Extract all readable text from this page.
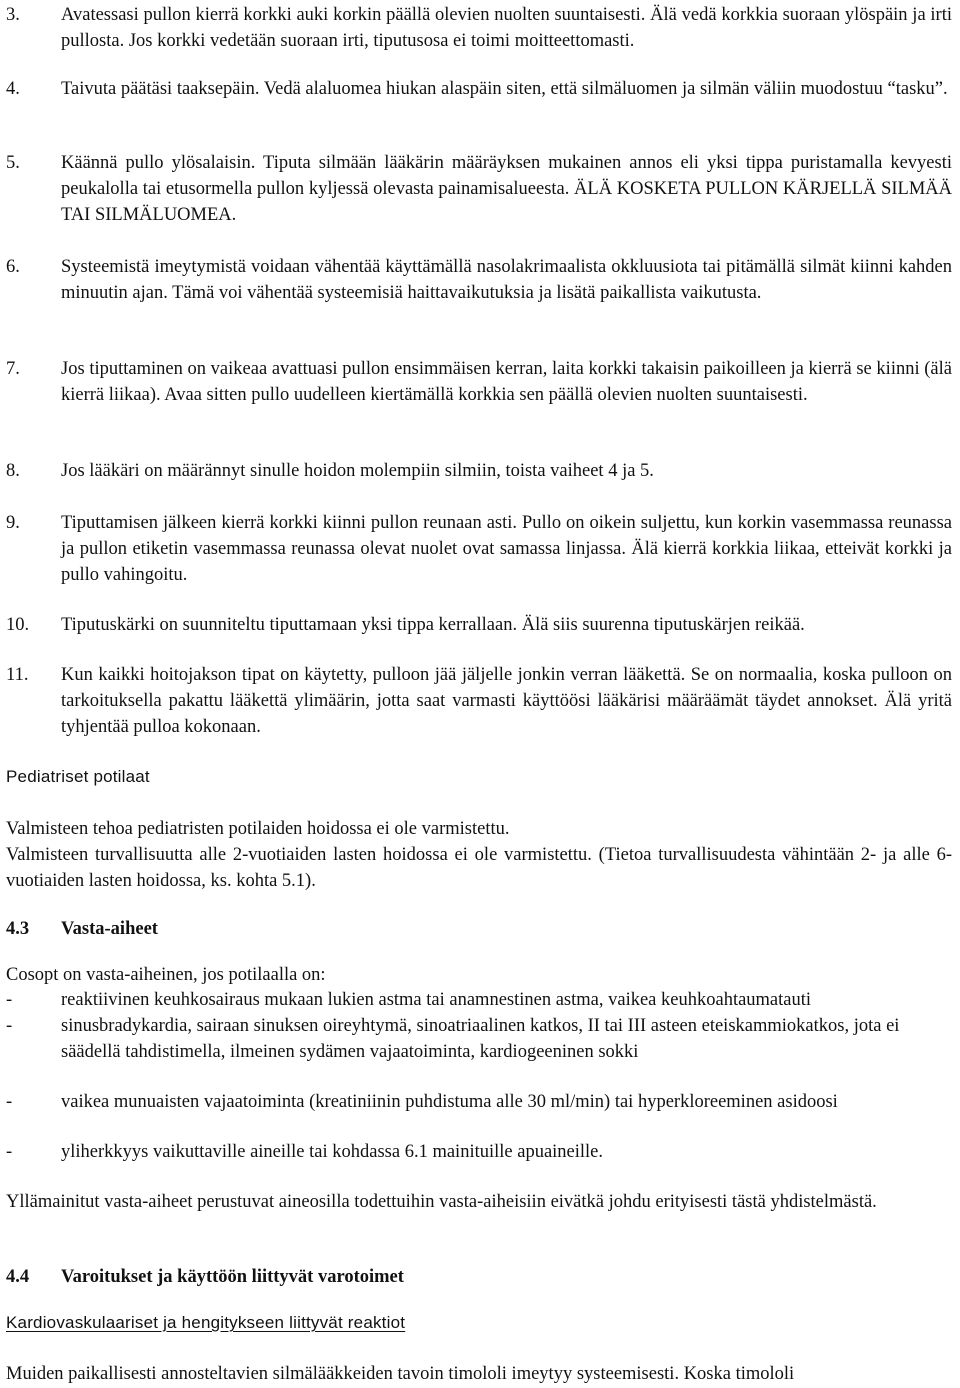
3. Avatessasi pullon kierrä korkki auki korkin päällä olevien nuolten suuntaisesti. Älä vedä korkkia suoraan ylöspäin ja irti pullosta. Jos korkki vedetään suoraan irti, tiputusosa ei toimi moitteettomasti.
4. Taivuta päätäsi taaksepäin. Vedä alaluomea hiukan alaspäin siten, että silmäluomen ja silmän väliin muodostuu “tasku”.
5. Käännä pullo ylösalaisin. Tiputa silmään lääkärin määräyksen mukainen annos eli yksi tippa puristamalla kevyesti peukalolla tai etusormella pullon kyljessä olevasta painamisalueesta. ÄLÄ KOSKETA PULLON KÄRJELLÄ SILMÄÄ TAI SILMÄLUOMEA.
6. Systeemistä imeytymistä voidaan vähentää käyttämällä nasolakrimaalista okkluusiota tai pitämällä silmät kiinni kahden minuutin ajan. Tämä voi vähentää systeemisiä haittavaikutuksia ja lisätä paikallista vaikutusta.
7. Jos tiputtaminen on vaikeaa avattuasi pullon ensimmäisen kerran, laita korkki takaisin paikoilleen ja kierrä se kiinni (älä kierrä liikaa). Avaa sitten pullo uudelleen kiertämällä korkkia sen päällä olevien nuolten suuntaisesti.
8. Jos lääkäri on määrännyt sinulle hoidon molempiin silmiin, toista vaiheet 4 ja 5.
9. Tiputtamisen jälkeen kierrä korkki kiinni pullon reunaan asti. Pullo on oikein suljettu, kun korkin vasemmassa reunassa ja pullon etiketin vasemmassa reunassa olevat nuolet ovat samassa linjassa. Älä kierrä korkkia liikaa, etteivät korkki ja pullo vahingoitu.
10. Tiputuskärki on suunniteltu tiputtamaan yksi tippa kerrallaan. Älä siis suurenna tiputuskärjen reikää.
11. Kun kaikki hoitojakson tipat on käytetty, pulloon jää jäljelle jonkin verran lääkettä. Se on normaalia, koska pulloon on tarkoituksella pakattu lääkettä ylimäärin, jotta saat varmasti käyttöösi lääkärisi määräämät täydet annokset. Älä yritä tyhjentää pulloa kokonaan.
Pediatriset potilaat
Valmisteen tehoa pediatristen potilaiden hoidossa ei ole varmistettu.
Valmisteen turvallisuutta alle 2-vuotiaiden lasten hoidossa ei ole varmistettu. (Tietoa turvallisuudesta vähintään 2- ja alle 6-vuotiaiden lasten hoidossa, ks. kohta 5.1).
4.3 Vasta-aiheet
Cosopt on vasta-aiheinen, jos potilaalla on:
-	reaktiivinen keuhkosairaus mukaan lukien astma tai anamnestinen astma, vaikea keuhkoahtaumatauti
-	sinusbradykardia, sairaan sinuksen oireyhtymä, sinoatriaalinen katkos, II tai III asteen eteiskammiokatkos, jota ei säädellä tahdistimella, ilmeinen sydämen vajaatoiminta, kardiogeeninen sokki
-	vaikea munuaisten vajaatoiminta (kreatiniinin puhdistuma alle 30 ml/min) tai hyperkloreeminen asidoosi
-	yliherkkyys vaikuttaville aineille tai kohdassa 6.1 mainituille apuaineille.
Yllämainitut vasta-aiheet perustuvat aineosilla todettuihin vasta-aiheisiin eivätkä johdu erityisesti tästä yhdistelmästä.
4.4 Varoitukset ja käyttöön liittyvät varotoimet
Kardiovaskulaariset ja hengitykseen liittyvät reaktiot
Muiden paikallisesti annosteltavien silmälääkkeiden tavoin timololi imeytyy systeemisesti. Koska timololi
